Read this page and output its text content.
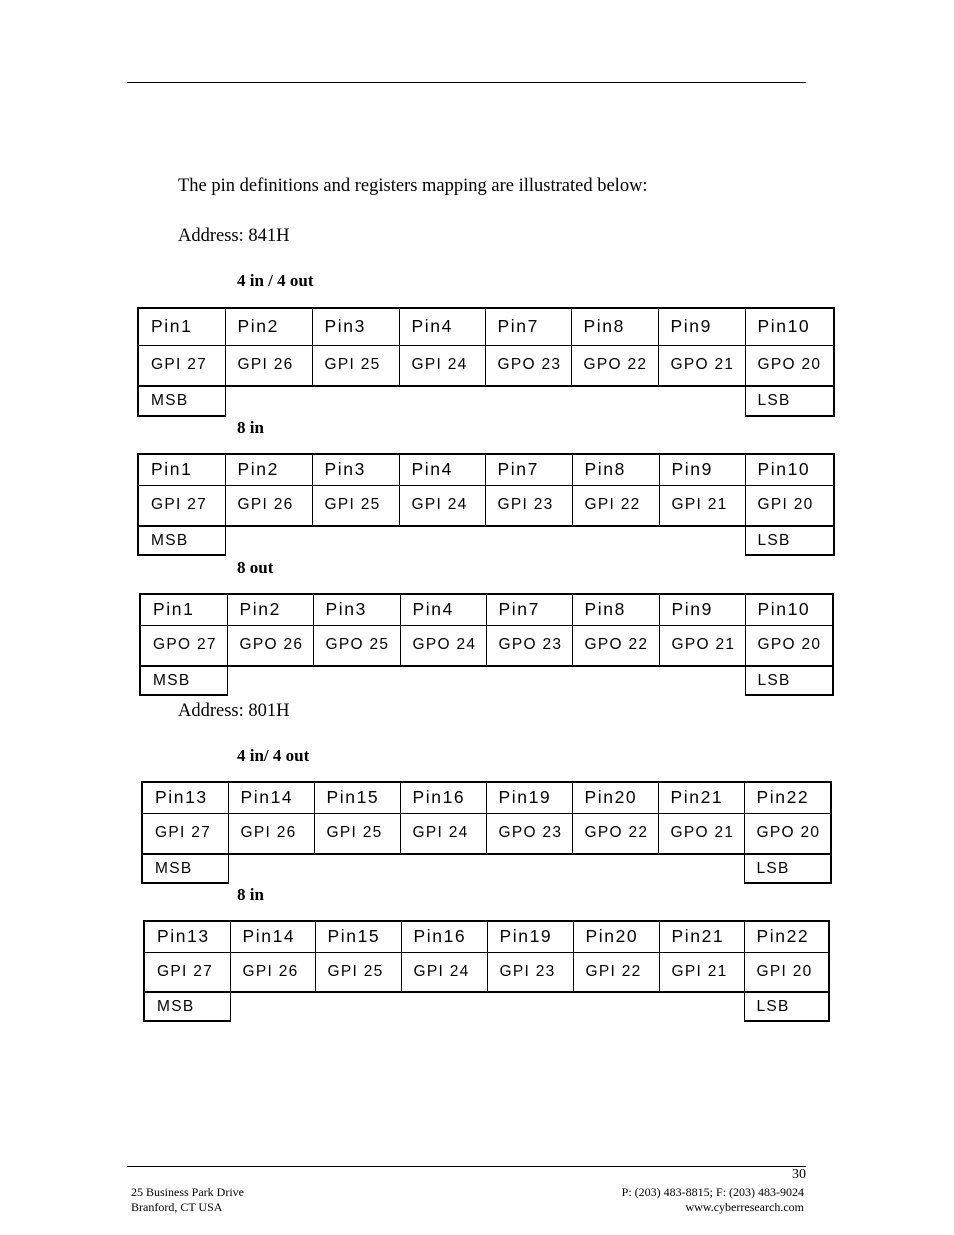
The pin definitions and registers mapping are illustrated below:
Address: 841H
4 in / 4 out
Pin1	Pin2	Pin3	Pin4	Pin7	Pin8	Pin9	Pin10
GPI 27	GPI 26	GPI 25	GPI 24	GPO 23	GPO 22	GPO 21	GPO 20
MSB							LSB
8 in
Pin1	Pin2	Pin3	Pin4	Pin7	Pin8	Pin9	Pin10
GPI 27	GPI 26	GPI 25	GPI 24	GPI 23	GPI 22	GPI 21	GPI 20
MSB							LSB
8 out
Pin1	Pin2	Pin3	Pin4	Pin7	Pin8	Pin9	Pin10
GPO 27	GPO 26	GPO 25	GPO 24	GPO 23	GPO 22	GPO 21	GPO 20
MSB							LSB
Address: 801H
4 in/ 4 out
Pin13	Pin14	Pin15	Pin16	Pin19	Pin20	Pin21	Pin22
GPI 27	GPI 26	GPI 25	GPI 24	GPO 23	GPO 22	GPO 21	GPO 20
MSB							LSB
8 in
Pin13	Pin14	Pin15	Pin16	Pin19	Pin20	Pin21	Pin22
GPI 27	GPI 26	GPI 25	GPI 24	GPI 23	GPI 22	GPI 21	GPI 20
MSB							LSB
30
25 Business Park Drive
Branford, CT USA
P: (203) 483-8815; F: (203) 483-9024
www.cyberresearch.com
